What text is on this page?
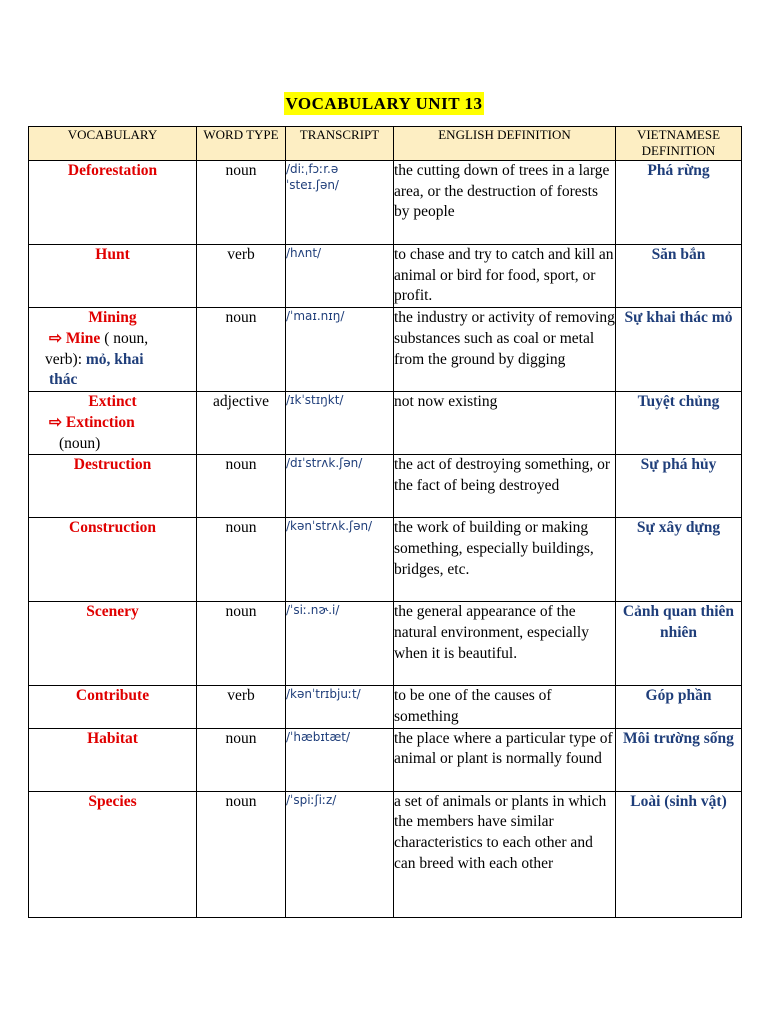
VOCABULARY UNIT 13
VOCABULARY	WORD TYPE	TRANSCRIPT	ENGLISH DEFINITION	VIETNAMESE DEFINITION
Deforestation	noun	/diːˌfɔːr.ə ˈsteɪ.ʃən/	the cutting down of trees in a large area, or the destruction of forests by people	Phá rừng
Hunt	verb	/hʌnt/	to chase and try to catch and kill an animal or bird for food, sport, or profit.	Săn bắn

Mining
⇨ Mine ( noun,
verb): mỏ, khai
thác	noun	/ˈmaɪ.nɪŋ/	the industry or activity of removing substances such as coal or metal from the ground by digging	Sự khai thác mỏ

Extinct
⇨ Extinction
(noun)	adjective	/ɪkˈstɪŋkt/	not now existing	Tuyệt chủng
Destruction	noun	/dɪˈstrʌk.ʃən/	the act of destroying something, or the fact of being destroyed	Sự phá hủy
Construction	noun	/kənˈstrʌk.ʃən/	the work of building or making something, especially buildings, bridges, etc.	Sự xây dựng
Scenery	noun	/ˈsiː.nɚ.i/	the general appearance of the natural environment, especially when it is beautiful.	Cảnh quan thiên nhiên
Contribute	verb	/kənˈtrɪbjuːt/	to be one of the causes of something	Góp phần
Habitat	noun	/ˈhæbɪtæt/	the place where a particular type of animal or plant is normally found	Môi trường sống
Species	noun	/ˈspiːʃiːz/	a set of animals or plants in which the members have similar characteristics to each other and can breed with each other	Loài (sinh vật)
